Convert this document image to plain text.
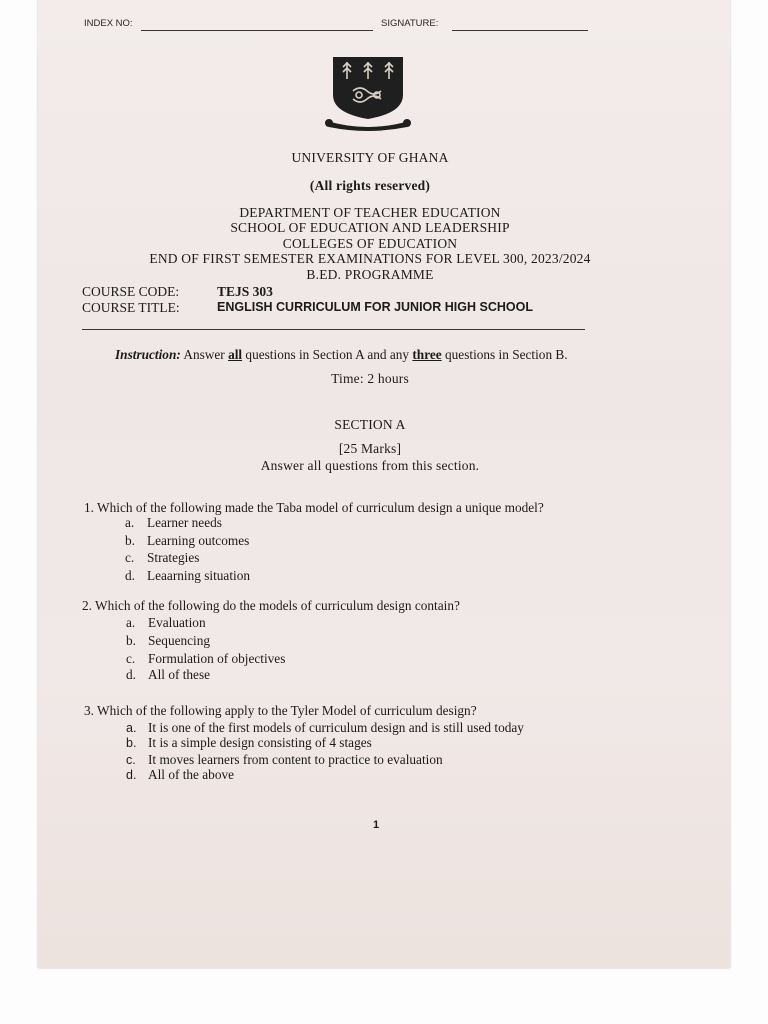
INDEX NO:	SIGNATURE:
UNIVERSITY OF GHANA
(All rights reserved)
DEPARTMENT OF TEACHER EDUCATION
SCHOOL OF EDUCATION AND LEADERSHIP
COLLEGES OF EDUCATION
END OF FIRST SEMESTER EXAMINATIONS FOR LEVEL 300, 2023/2024
B.ED. PROGRAMME
COURSE CODE:	TEJS 303
COURSE TITLE:	ENGLISH CURRICULUM FOR JUNIOR HIGH SCHOOL
Instruction: Answer all questions in Section A and any three questions in Section B.
Time: 2 hours
SECTION A
[25 Marks]
Answer all questions from this section.
1. Which of the following made the Taba model of curriculum design a unique model?
a. Learner needs
b. Learning outcomes
c. Strategies
d. Leaarning situation
2. Which of the following do the models of curriculum design contain?
a. Evaluation
b. Sequencing
c. Formulation of objectives
d. All of these
3. Which of the following apply to the Tyler Model of curriculum design?
a. It is one of the first models of curriculum design and is still used today
b. It is a simple design consisting of 4 stages
c. It moves learners from content to practice to evaluation
d. All of the above
1
